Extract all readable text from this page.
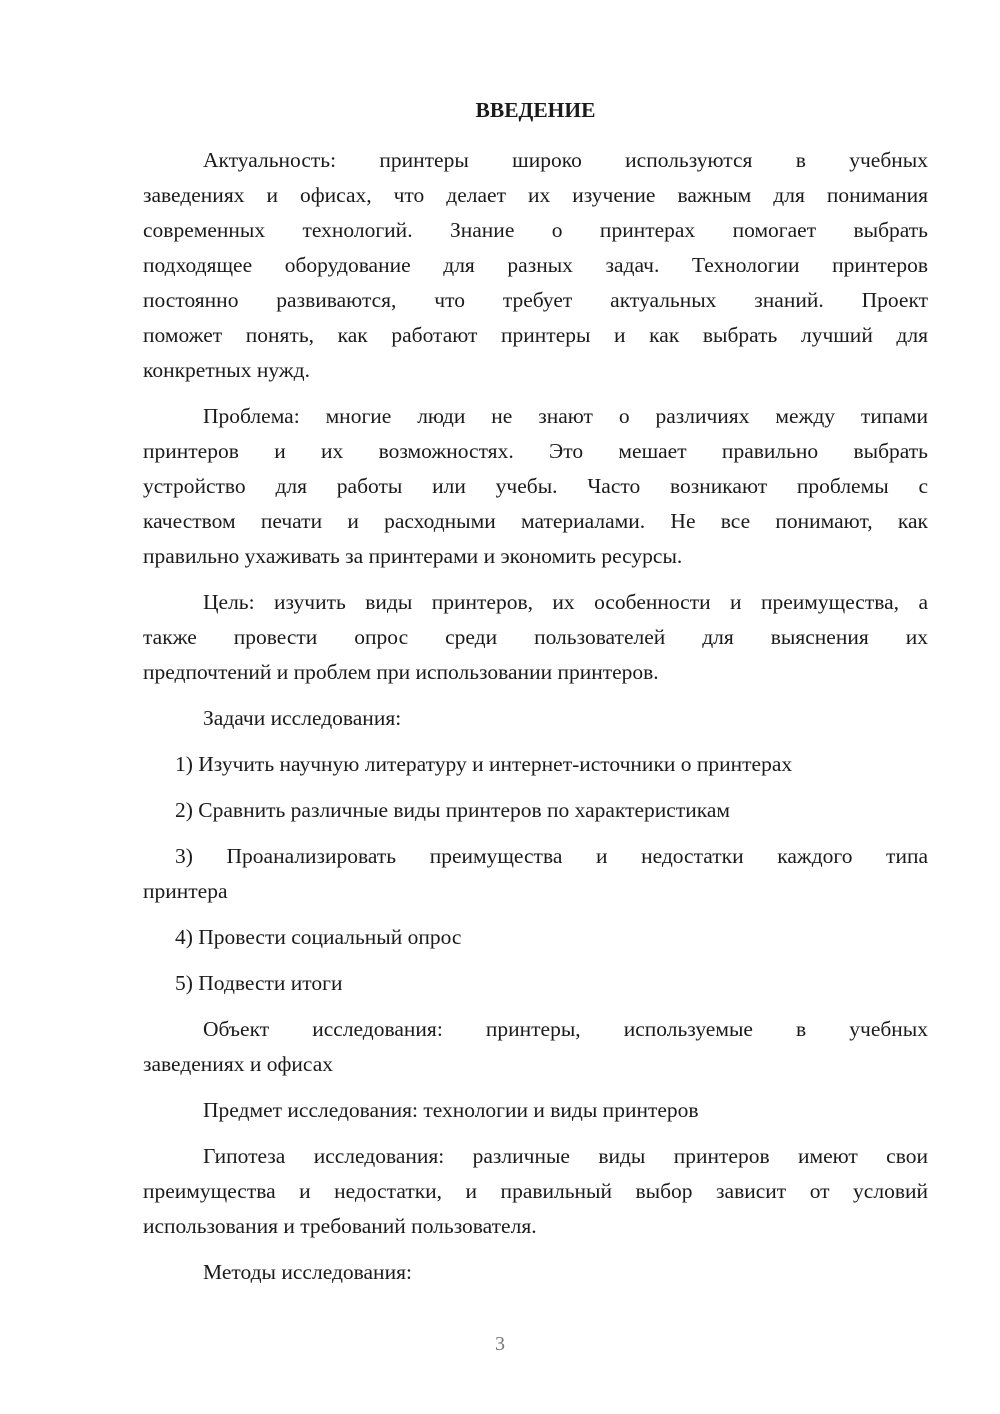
ВВЕДЕНИЕ
Актуальность: принтеры широко используются в учебных
заведениях и офисах, что делает их изучение важным для понимания
современных технологий. Знание о принтерах помогает выбрать
подходящее оборудование для разных задач. Технологии принтеров
постоянно развиваются, что требует актуальных знаний. Проект
поможет понять, как работают принтеры и как выбрать лучший для
конкретных нужд.
Проблема: многие люди не знают о различиях между типами
принтеров и их возможностях. Это мешает правильно выбрать
устройство для работы или учебы. Часто возникают проблемы с
качеством печати и расходными материалами. Не все понимают, как
правильно ухаживать за принтерами и экономить ресурсы.
Цель: изучить виды принтеров, их особенности и преимущества, а
также провести опрос среди пользователей для выяснения их
предпочтений и проблем при использовании принтеров.
Задачи исследования:
1) Изучить научную литературу и интернет-источники о принтерах
2) Сравнить различные виды принтеров по характеристикам
3) Проанализировать преимущества и недостатки каждого типа
принтера
4) Провести социальный опрос
5) Подвести итоги
Объект исследования: принтеры, используемые в учебных
заведениях и офисах
Предмет исследования: технологии и виды принтеров
Гипотеза исследования: различные виды принтеров имеют свои
преимущества и недостатки, и правильный выбор зависит от условий
использования и требований пользователя.
Методы исследования:
3
